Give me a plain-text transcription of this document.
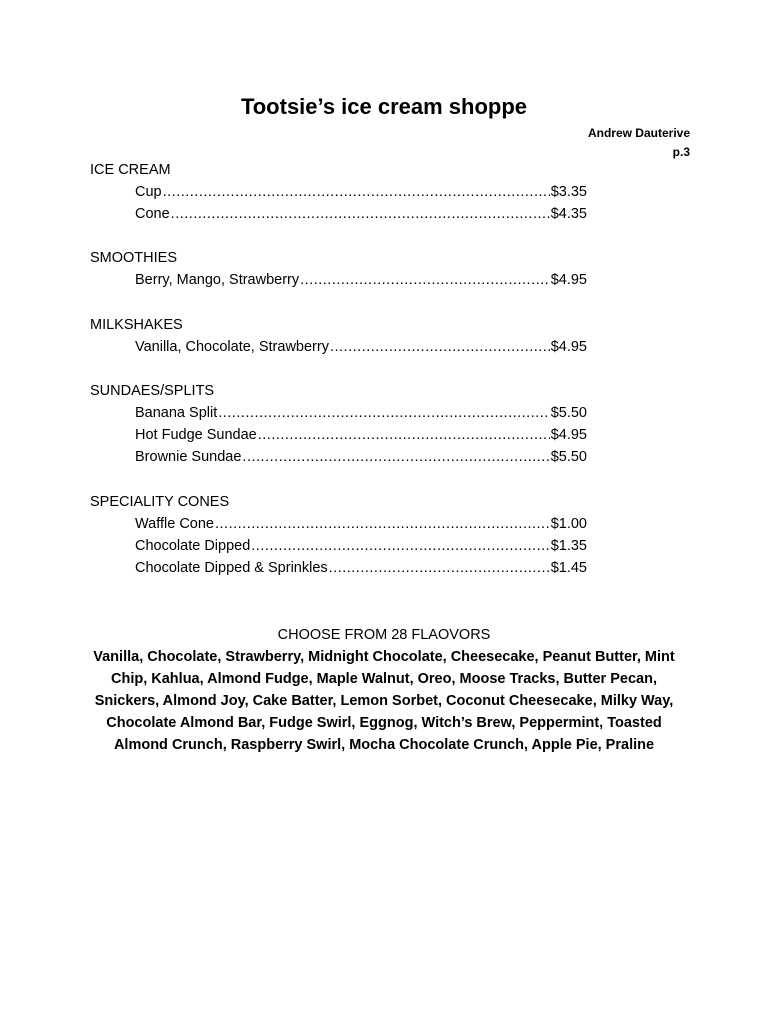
Tootsie’s ice cream shoppe
Andrew Dauterive
p.3
ICE CREAM
Cup .....	$3.35
Cone .....	$4.35
SMOOTHIES
Berry, Mango, Strawberry .....	$4.95
MILKSHAKES
Vanilla, Chocolate, Strawberry .....	$4.95
SUNDAES/SPLITS
Banana Split .....	$5.50
Hot Fudge Sundae .....	$4.95
Brownie Sundae .....	$5.50
SPECIALITY CONES
Waffle Cone .....	$1.00
Chocolate Dipped .....	$1.35
Chocolate Dipped & Sprinkles .....	$1.45
CHOOSE FROM 28 FLAOVORS
Vanilla, Chocolate, Strawberry, Midnight Chocolate, Cheesecake, Peanut Butter, Mint Chip, Kahlua, Almond Fudge, Maple Walnut, Oreo, Moose Tracks, Butter Pecan, Snickers, Almond Joy, Cake Batter, Lemon Sorbet, Coconut Cheesecake, Milky Way, Chocolate Almond Bar, Fudge Swirl, Eggnog, Witch’s Brew, Peppermint, Toasted Almond Crunch, Raspberry Swirl, Mocha Chocolate Crunch, Apple Pie, Praline
